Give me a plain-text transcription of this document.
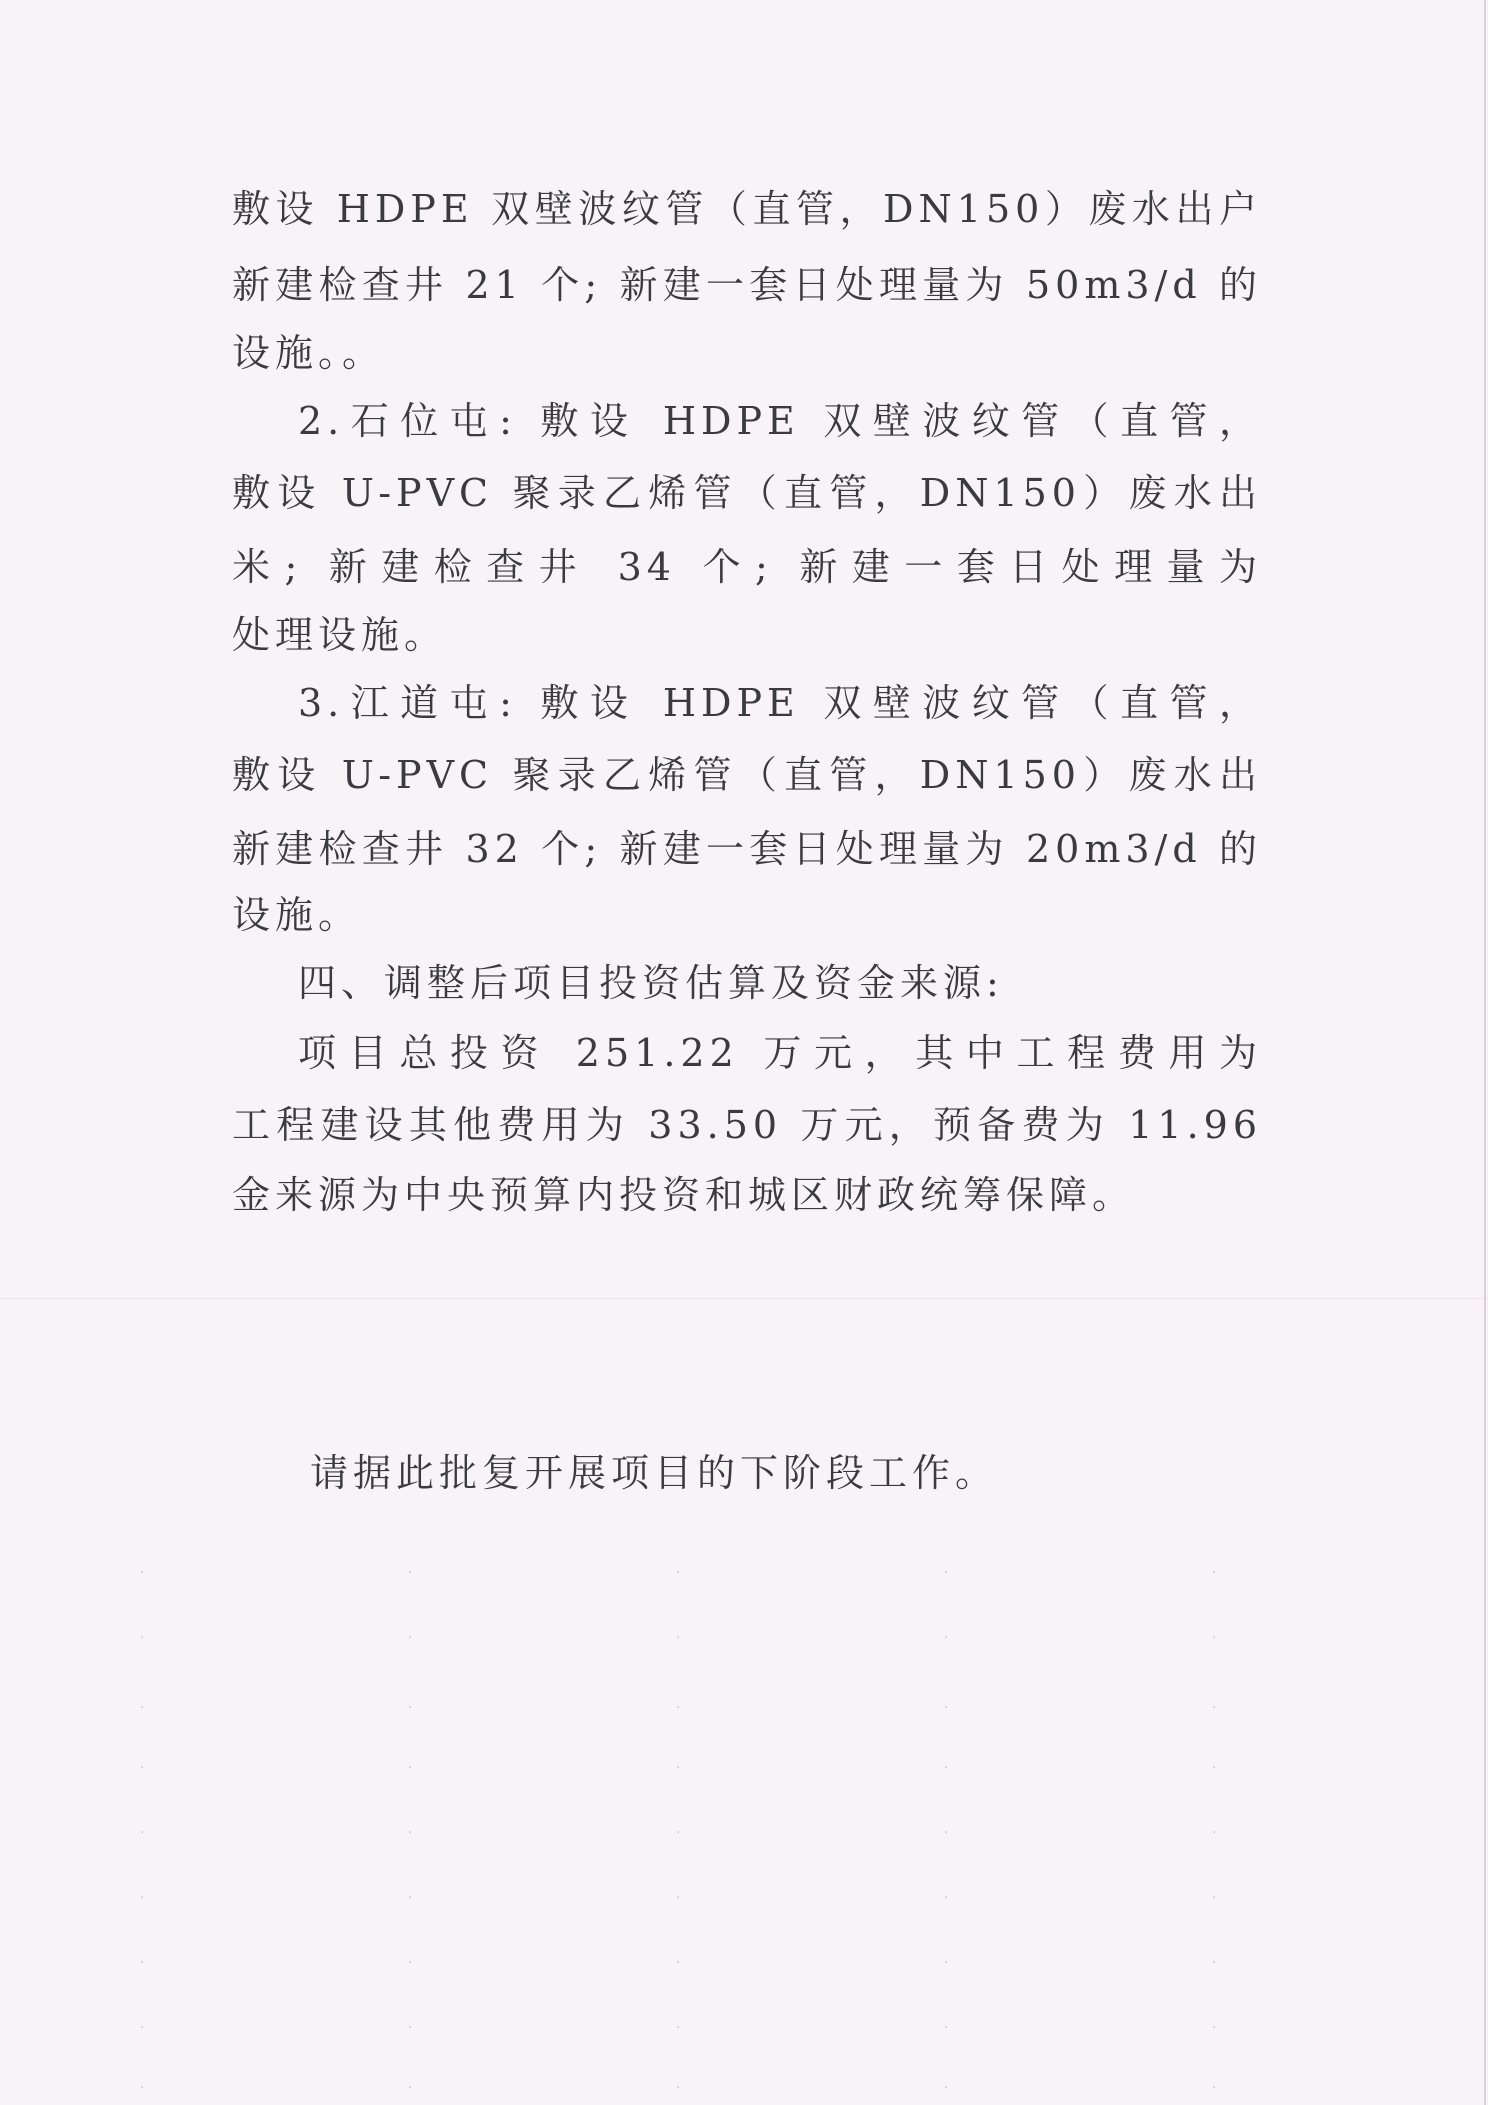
敷设 HDPE 双壁波纹管（直管，DN150）废水出户
新建检查井 21 个; 新建一套日处理量为 50m3/d 的
设施。。
2.石位屯: 敷设 HDPE 双壁波纹管（直管，
敷设 U-PVC 聚录乙烯管（直管，DN150）废水出
米; 新建检查井 34 个; 新建一套日处理量为
处理设施。
3.江道屯: 敷设 HDPE 双壁波纹管（直管，
敷设 U-PVC 聚录乙烯管（直管，DN150）废水出
新建检查井 32 个; 新建一套日处理量为 20m3/d 的
设施。
四、调整后项目投资估算及资金来源:
项目总投资 251.22 万元，其中工程费用为
工程建设其他费用为 33.50 万元，预备费为 11.96
金来源为中央预算内投资和城区财政统筹保障。
请据此批复开展项目的下阶段工作。
·	·	·	·	·
·	·	·	·	·
·	·	·	·	·
·	·	·	·	·
·	·	·	·	·
·	·	·	·	·
·	·	·	·	·
·	·	·	·	·
·	·	·	·	·
